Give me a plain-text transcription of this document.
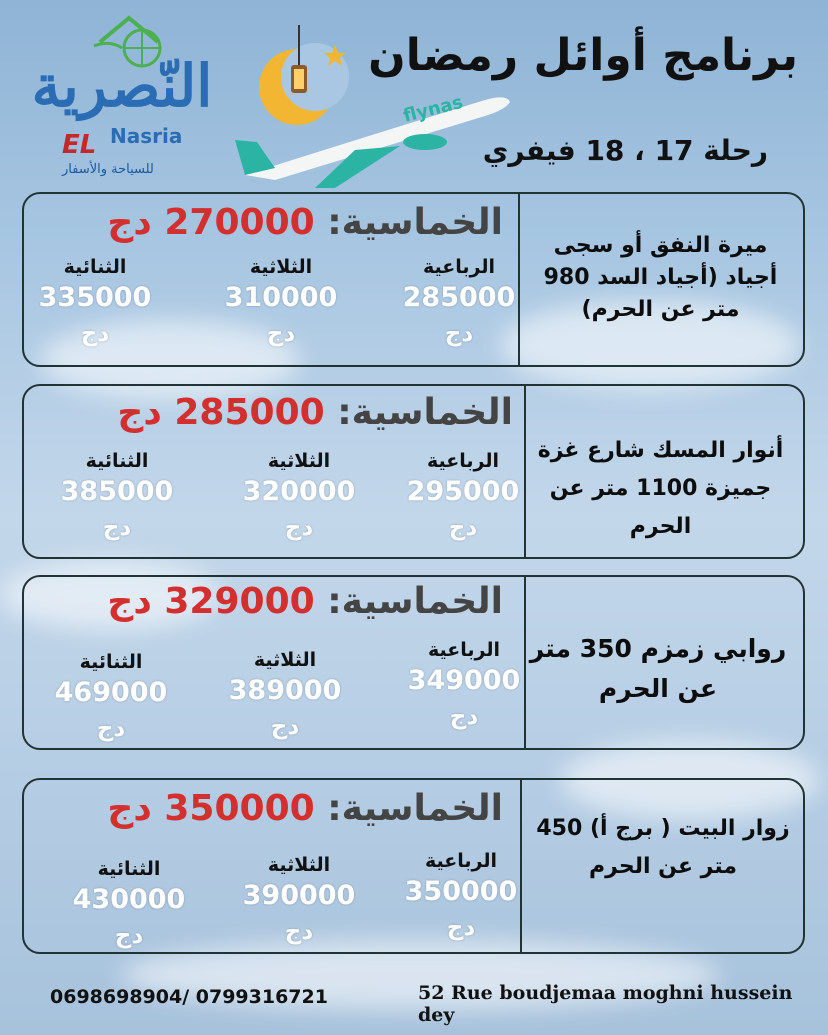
النّصرية
EL Nasria
للسياحة والأسفار
flynas
برنامج أوائل رمضان
رحلة 17 ، 18 فيفري
ميرة النفق أو سجى أجياد (أجياد السد 980 متر عن الحرم)
الخماسية: 270000 دج
الرباعية
285000
دج
الثلاثية
310000
دج
الثنائية
335000
دج
أنوار المسك شارع غزة جميزة 1100 متر عن الحرم
الخماسية: 285000 دج
الرباعية
295000
دج
الثلاثية
320000
دج
الثنائية
385000
دج
روابي زمزم 350 متر عن الحرم
الخماسية: 329000 دج
الرباعية
349000
دج
الثلاثية
389000
دج
الثنائية
469000
دج
زوار البيت ( برج أ) 450 متر عن الحرم
الخماسية: 350000 دج
الرباعية
350000
دج
الثلاثية
390000
دج
الثنائية
430000
دج
0698698904/ 0799316721	52 Rue boudjemaa moghni hussein dey
